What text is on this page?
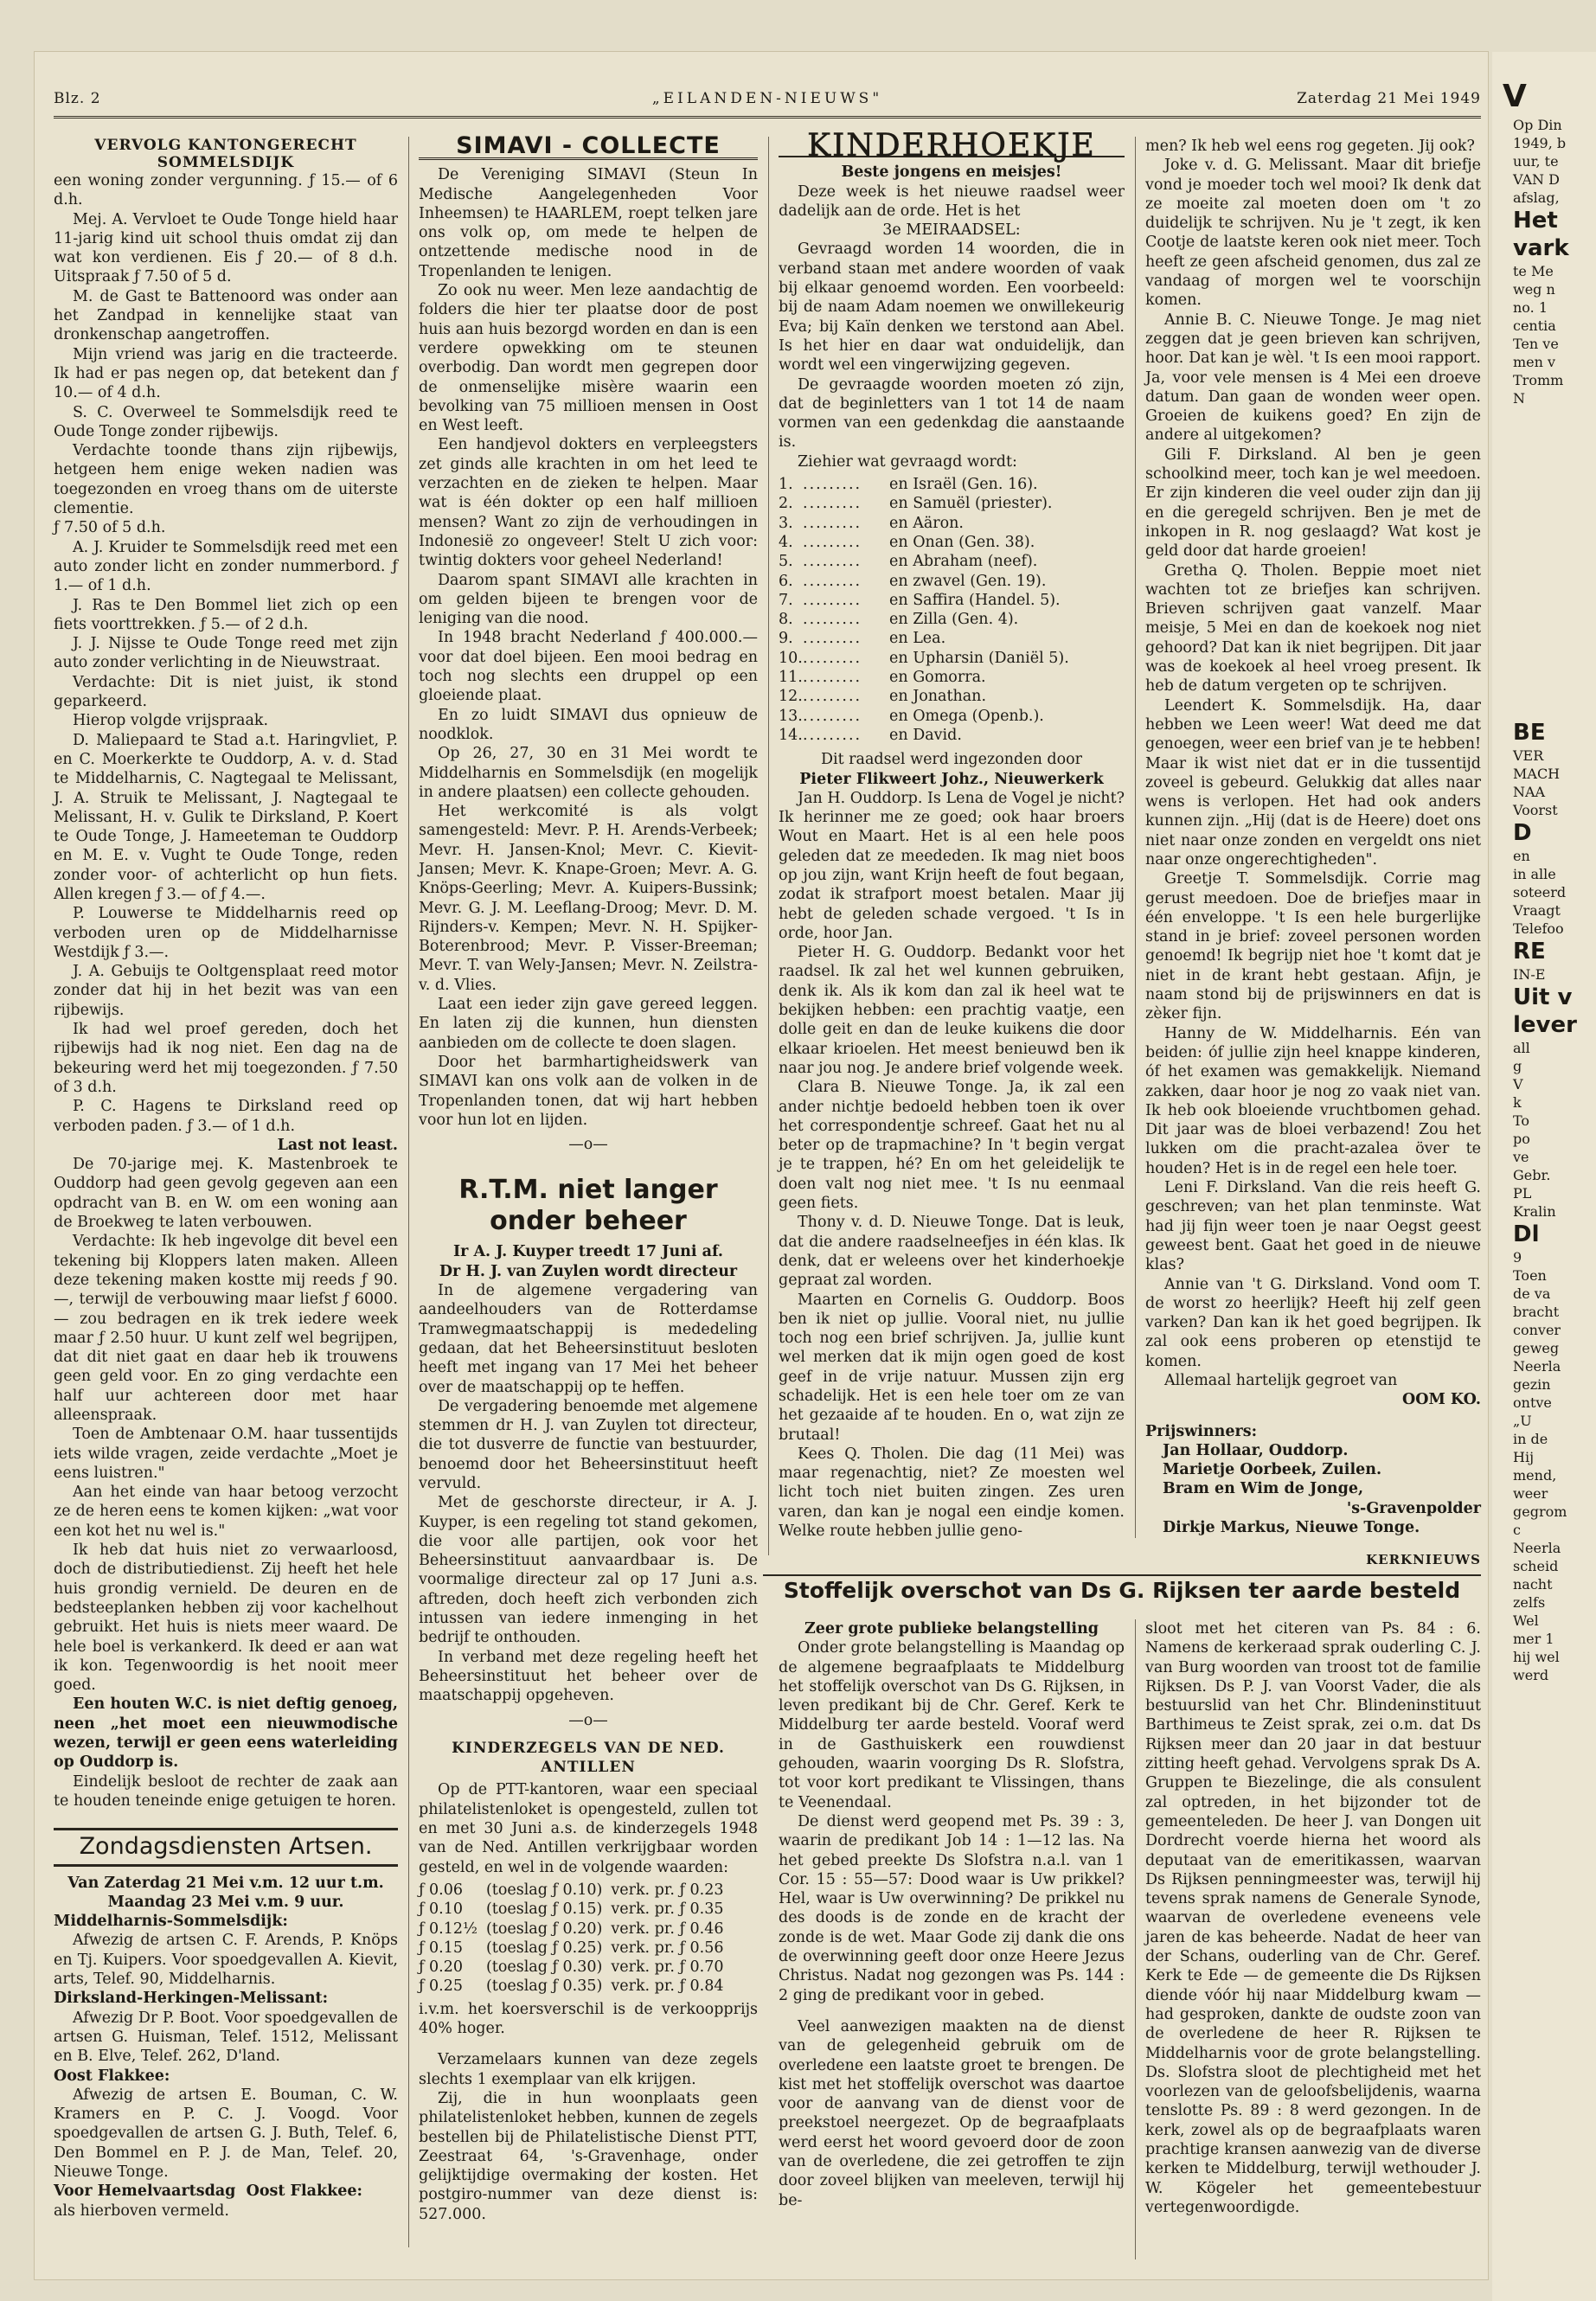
Blz. 2	„EILANDEN-NIEUWS"	Zaterdag 21 Mei 1949
VERVOLG KANTONGERECHT SOMMELSDIJK

een woning zonder vergunning. ƒ 15.— of 6 d.h.

Mej. A. Vervloet te Oude Tonge hield haar 11-jarig kind uit school thuis omdat zij dan wat kon verdienen. Eis ƒ 20.— of 8 d.h. Uitspraak ƒ 7.50 of 5 d.

M. de Gast te Battenoord was onder aan het Zandpad in kennelijke staat van dronkenschap aangetroffen.

Mijn vriend was jarig en die tracteerde. Ik had er pas negen op, dat betekent dan ƒ 10.— of 4 d.h.

S. C. Overweel te Sommelsdijk reed te Oude Tonge zonder rijbewijs.

Verdachte toonde thans zijn rijbewijs, hetgeen hem enige weken nadien was toegezonden en vroeg thans om de uiterste clementie.

ƒ 7.50 of 5 d.h.

A. J. Kruider te Sommelsdijk reed met een auto zonder licht en zonder nummerbord. ƒ 1.— of 1 d.h.

J. Ras te Den Bommel liet zich op een fiets voorttrekken. ƒ 5.— of 2 d.h.

J. J. Nijsse te Oude Tonge reed met zijn auto zonder verlichting in de Nieuwstraat.

Verdachte: Dit is niet juist, ik stond geparkeerd.

Hierop volgde vrijspraak.

D. Maliepaard te Stad a.t. Haringvliet, P. en C. Moerkerkte te Ouddorp, A. v. d. Stad te Middelharnis, C. Nagtegaal te Melissant, J. A. Struik te Melissant, J. Nagtegaal te Melissant, H. v. Gulik te Dirksland, P. Koert te Oude Tonge, J. Hameeteman te Ouddorp en M. E. v. Vught te Oude Tonge, reden zonder voor- of achterlicht op hun fiets. Allen kregen ƒ 3.— of ƒ 4.—.

P. Louwerse te Middelharnis reed op verboden uren op de Middelharnisse Westdijk ƒ 3.—.

J. A. Gebuijs te Ooltgensplaat reed motor zonder dat hij in het bezit was van een rijbewijs.

Ik had wel proef gereden, doch het rijbewijs had ik nog niet. Een dag na de bekeuring werd het mij toegezonden. ƒ 7.50 of 3 d.h.

P. C. Hagens te Dirksland reed op verboden paden. ƒ 3.— of 1 d.h.

Last not least.

De 70-jarige mej. K. Mastenbroek te Ouddorp had geen gevolg gegeven aan een opdracht van B. en W. om een woning aan de Broekweg te laten verbouwen.

Verdachte: Ik heb ingevolge dit bevel een tekening bij Kloppers laten maken. Alleen deze tekening maken kostte mij reeds ƒ 90.—, terwijl de verbouwing maar liefst ƒ 6000.— zou bedragen en ik trek iedere week maar ƒ 2.50 huur. U kunt zelf wel begrijpen, dat dit niet gaat en daar heb ik trouwens geen geld voor. En zo ging verdachte een half uur achtereen door met haar alleenspraak.

Toen de Ambtenaar O.M. haar tussentijds iets wilde vragen, zeide verdachte „Moet je eens luistren."

Aan het einde van haar betoog verzocht ze de heren eens te komen kijken: „wat voor een kot het nu wel is."

Ik heb dat huis niet zo verwaarloosd, doch de distributiedienst. Zij heeft het hele huis grondig vernield. De deuren en de bedsteeplanken hebben zij voor kachelhout gebruikt. Het huis is niets meer waard. De hele boel is verkankerd. Ik deed er aan wat ik kon. Tegenwoordig is het nooit meer goed.

Een houten W.C. is niet deftig genoeg, neen „het moet een nieuwmodische wezen, terwijl er geen eens waterleiding op Ouddorp is.

Eindelijk besloot de rechter de zaak aan te houden teneinde enige getuigen te horen.

Zondagsdiensten Artsen.

Van Zaterdag 21 Mei v.m. 12 uur t.m.

Maandag 23 Mei v.m. 9 uur.

Middelharnis-Sommelsdijk:

Afwezig de artsen C. F. Arends, P. Knöps en Tj. Kuipers. Voor spoedgevallen A. Kievit, arts, Telef. 90, Middelharnis.

Dirksland-Herkingen-Melissant:

Afwezig Dr P. Boot. Voor spoedgevallen de artsen G. Huisman, Telef. 1512, Melissant en B. Elve, Telef. 262, D'land.

Oost Flakkee:

Afwezig de artsen E. Bouman, C. W. Kramers en P. C. J. Voogd. Voor spoedgevallen de artsen G. J. Buth, Telef. 6, Den Bommel en P. J. de Man, Telef. 20, Nieuwe Tonge.

Voor Hemelvaartsdag Oost Flakkee:

als hierboven vermeld.

SIMAVI - COLLECTE

De Vereniging SIMAVI (Steun In Medische Aangelegenheden Voor Inheemsen) te HAARLEM, roept telken jare ons volk op, om mede te helpen de ontzettende medische nood in de Tropenlanden te lenigen.

Zo ook nu weer. Men leze aandachtig de folders die hier ter plaatse door de post huis aan huis bezorgd worden en dan is een verdere opwekking om te steunen overbodig. Dan wordt men gegrepen door de onmenselijke misère waarin een bevolking van 75 millioen mensen in Oost en West leeft.

Een handjevol dokters en verpleegsters zet ginds alle krachten in om het leed te verzachten en de zieken te helpen. Maar wat is één dokter op een half millioen mensen? Want zo zijn de verhoudingen in Indonesië zo ongeveer! Stelt U zich voor: twintig dokters voor geheel Nederland!

Daarom spant SIMAVI alle krachten in om gelden bijeen te brengen voor de leniging van die nood.

In 1948 bracht Nederland ƒ 400.000.— voor dat doel bijeen. Een mooi bedrag en toch nog slechts een druppel op een gloeiende plaat.

En zo luidt SIMAVI dus opnieuw de noodklok.

Op 26, 27, 30 en 31 Mei wordt te Middelharnis en Sommelsdijk (en mogelijk in andere plaatsen) een collecte gehouden.

Het werkcomité is als volgt samengesteld: Mevr. P. H. Arends-Verbeek; Mevr. H. Jansen-Knol; Mevr. C. Kievit-Jansen; Mevr. K. Knape-Groen; Mevr. A. G. Knöps-Geerling; Mevr. A. Kuipers-Bussink; Mevr. G. J. M. Leeflang-Droog; Mevr. D. M. Rijnders-v. Kempen; Mevr. N. H. Spijker-Boterenbrood; Mevr. P. Visser-Breeman; Mevr. T. van Wely-Jansen; Mevr. N. Zeilstra-v. d. Vlies.

Laat een ieder zijn gave gereed leggen. En laten zij die kunnen, hun diensten aanbieden om de collecte te doen slagen.

Door het barmhartigheidswerk van SIMAVI kan ons volk aan de volken in de Tropenlanden tonen, dat wij hart hebben voor hun lot en lijden.

—o—
R.T.M. niet langer onder beheer

Ir A. J. Kuyper treedt 17 Juni af.

Dr H. J. van Zuylen wordt directeur

In de algemene vergadering van aandeelhouders van de Rotterdamse Tramwegmaatschappij is mededeling gedaan, dat het Beheersinstituut besloten heeft met ingang van 17 Mei het beheer over de maatschappij op te heffen.

De vergadering benoemde met algemene stemmen dr H. J. van Zuylen tot directeur, die tot dusverre de functie van bestuurder, benoemd door het Beheersinstituut heeft vervuld.

Met de geschorste directeur, ir A. J. Kuyper, is een regeling tot stand gekomen, die voor alle partijen, ook voor het Beheersinstituut aanvaardbaar is. De voormalige directeur zal op 17 Juni a.s. aftreden, doch heeft zich verbonden zich intussen van iedere inmenging in het bedrijf te onthouden.

In verband met deze regeling heeft het Beheersinstituut het beheer over de maatschappij opgeheven.

—o—
KINDERZEGELS VAN DE NED. ANTILLEN

Op de PTT-kantoren, waar een speciaal philatelistenloket is opengesteld, zullen tot en met 30 Juni a.s. de kinderzegels 1948 van de Ned. Antillen verkrijgbaar worden gesteld, en wel in de volgende waarden:

ƒ 0.06	(toeslag ƒ 0.10)	verk. pr. ƒ 0.23
ƒ 0.10	(toeslag ƒ 0.15)	verk. pr. ƒ 0.35
ƒ 0.12½	(toeslag ƒ 0.20)	verk. pr. ƒ 0.46
ƒ 0.15	(toeslag ƒ 0.25)	verk. pr. ƒ 0.56
ƒ 0.20	(toeslag ƒ 0.30)	verk. pr. ƒ 0.70
ƒ 0.25	(toeslag ƒ 0.35)	verk. pr. ƒ 0.84

i.v.m. het koersverschil is de verkoopprijs 40% hoger.

Verzamelaars kunnen van deze zegels slechts 1 exemplaar van elk krijgen.

Zij, die in hun woonplaats geen philatelistenloket hebben, kunnen de zegels bestellen bij de Philatelistische Dienst PTT, Zeestraat 64, 's-Gravenhage, onder gelijktijdige overmaking der kosten. Het postgiro-nummer van deze dienst is: 527.000.

KINDERHOEKJE

Beste jongens en meisjes!

Deze week is het nieuwe raadsel weer dadelijk aan de orde. Het is het

3e MEIRAADSEL:

Gevraagd worden 14 woorden, die in verband staan met andere woorden of vaak bij elkaar genoemd worden. Een voorbeeld: bij de naam Adam noemen we onwillekeurig Eva; bij Kaïn denken we terstond aan Abel. Is het hier en daar wat onduidelijk, dan wordt wel een vingerwijzing gegeven.

De gevraagde woorden moeten zó zijn, dat de beginletters van 1 tot 14 de naam vormen van een gedenkdag die aanstaande is.

Ziehier wat gevraagd wordt:

1. .........	en Israël (Gen. 16).
2. .........	en Samuël (priester).
3. .........	en Aäron.
4. .........	en Onan (Gen. 38).
5. .........	en Abraham (neef).
6. .........	en zwavel (Gen. 19).
7. .........	en Saffira (Handel. 5).
8. .........	en Zilla (Gen. 4).
9. .........	en Lea.
10. .........	en Upharsin (Daniël 5).
11. .........	en Gomorra.
12. .........	en Jonathan.
13. .........	en Omega (Openb.).
14. .........	en David.

Dit raadsel werd ingezonden door

Pieter Flikweert Johz., Nieuwerkerk

Jan H. Ouddorp. Is Lena de Vogel je nicht? Ik herinner me ze goed; ook haar broers Wout en Maart. Het is al een hele poos geleden dat ze meededen. Ik mag niet boos op jou zijn, want Krijn heeft de fout begaan, zodat ik strafport moest betalen. Maar jij hebt de geleden schade vergoed. 't Is in orde, hoor Jan.

Pieter H. G. Ouddorp. Bedankt voor het raadsel. Ik zal het wel kunnen gebruiken, denk ik. Als ik kom dan zal ik heel wat te bekijken hebben: een prachtig vaatje, een dolle geit en dan de leuke kuikens die door elkaar krioelen. Het meest benieuwd ben ik naar jou nog. Je andere brief volgende week.

Clara B. Nieuwe Tonge. Ja, ik zal een ander nichtje bedoeld hebben toen ik over het correspondentje schreef. Gaat het nu al beter op de trapmachine? In 't begin vergat je te trappen, hé? En om het geleidelijk te doen valt nog niet mee. 't Is nu eenmaal geen fiets.

Thony v. d. D. Nieuwe Tonge. Dat is leuk, dat die andere raadselneefjes in één klas. Ik denk, dat er weleens over het kinderhoekje gepraat zal worden.

Maarten en Cornelis G. Ouddorp. Boos ben ik niet op jullie. Vooral niet, nu jullie toch nog een brief schrijven. Ja, jullie kunt wel merken dat ik mijn ogen goed de kost geef in de vrije natuur. Mussen zijn erg schadelijk. Het is een hele toer om ze van het gezaaide af te houden. En o, wat zijn ze brutaal!

Kees Q. Tholen. Die dag (11 Mei) was maar regenachtig, niet? Ze moesten wel licht toch niet buiten zingen. Zes uren varen, dan kan je nogal een eindje komen. Welke route hebben jullie geno-

men? Ik heb wel eens rog gegeten. Jij ook?

Joke v. d. G. Melissant. Maar dit briefje vond je moeder toch wel mooi? Ik denk dat ze moeite zal moeten doen om 't zo duidelijk te schrijven. Nu je 't zegt, ik ken Cootje de laatste keren ook niet meer. Toch heeft ze geen afscheid genomen, dus zal ze vandaag of morgen wel te voorschijn komen.

Annie B. C. Nieuwe Tonge. Je mag niet zeggen dat je geen brieven kan schrijven, hoor. Dat kan je wèl. 't Is een mooi rapport. Ja, voor vele mensen is 4 Mei een droeve datum. Dan gaan de wonden weer open. Groeien de kuikens goed? En zijn de andere al uitgekomen?

Gili F. Dirksland. Al ben je geen schoolkind meer, toch kan je wel meedoen. Er zijn kinderen die veel ouder zijn dan jij en die geregeld schrijven. Ben je met de inkopen in R. nog geslaagd? Wat kost je geld door dat harde groeien!

Gretha Q. Tholen. Beppie moet niet wachten tot ze briefjes kan schrijven. Brieven schrijven gaat vanzelf. Maar meisje, 5 Mei en dan de koekoek nog niet gehoord? Dat kan ik niet begrijpen. Dit jaar was de koekoek al heel vroeg present. Ik heb de datum vergeten op te schrijven.

Leendert K. Sommelsdijk. Ha, daar hebben we Leen weer! Wat deed me dat genoegen, weer een brief van je te hebben! Maar ik wist niet dat er in die tussentijd zoveel is gebeurd. Gelukkig dat alles naar wens is verlopen. Het had ook anders kunnen zijn. „Hij (dat is de Heere) doet ons niet naar onze zonden en vergeldt ons niet naar onze ongerechtigheden".

Greetje T. Sommelsdijk. Corrie mag gerust meedoen. Doe de briefjes maar in één enveloppe. 't Is een hele burgerlijke stand in je brief: zoveel personen worden genoemd! Ik begrijp niet hoe 't komt dat je niet in de krant hebt gestaan. Afijn, je naam stond bij de prijswinners en dat is zèker fijn.

Hanny de W. Middelharnis. Eén van beiden: óf jullie zijn heel knappe kinderen, óf het examen was gemakkelijk. Niemand zakken, daar hoor je nog zo vaak niet van. Ik heb ook bloeiende vruchtbomen gehad. Dit jaar was de bloei verbazend! Zou het lukken om die pracht-azalea över te houden? Het is in de regel een hele toer.

Leni F. Dirksland. Van die reis heeft G. geschreven; van het plan tenminste. Wat had jij fijn weer toen je naar Oegst geest geweest bent. Gaat het goed in de nieuwe klas?

Annie van 't G. Dirksland. Vond oom T. de worst zo heerlijk? Heeft hij zelf geen varken? Dan kan ik het goed begrijpen. Ik zal ook eens proberen op etenstijd te komen.

Allemaal hartelijk gegroet van

OOM KO.

Prijswinners:

Jan Hollaar, Ouddorp.

Marietje Oorbeek, Zuilen.

Bram en Wim de Jonge,

's-Gravenpolder

Dirkje Markus, Nieuwe Tonge.

KERKNIEUWS
Stoffelijk overschot van Ds G. Rijksen ter aarde besteld

Zeer grote publieke belangstelling

Onder grote belangstelling is Maandag op de algemene begraafplaats te Middelburg het stoffelijk overschot van Ds G. Rijksen, in leven predikant bij de Chr. Geref. Kerk te Middelburg ter aarde besteld. Vooraf werd in de Gasthuiskerk een rouwdienst gehouden, waarin voorging Ds R. Slofstra, tot voor kort predikant te Vlissingen, thans te Veenendaal.

De dienst werd geopend met Ps. 39 : 3, waarin de predikant Job 14 : 1—12 las. Na het gebed preekte Ds Slofstra n.a.l. van 1 Cor. 15 : 55—57: Dood waar is Uw prikkel? Hel, waar is Uw overwinning? De prikkel nu des doods is de zonde en de kracht der zonde is de wet. Maar Gode zij dank die ons de overwinning geeft door onze Heere Jezus Christus. Nadat nog gezongen was Ps. 144 : 2 ging de predikant voor in gebed.

Veel aanwezigen maakten na de dienst van de gelegenheid gebruik om de overledene een laatste groet te brengen. De kist met het stoffelijk overschot was daartoe voor de aanvang van de dienst voor de preekstoel neergezet. Op de begraafplaats werd eerst het woord gevoerd door de zoon van de overledene, die zei getroffen te zijn door zoveel blijken van meeleven, terwijl hij be-

sloot met het citeren van Ps. 84 : 6. Namens de kerkeraad sprak ouderling C. J. van Burg woorden van troost tot de familie Rijksen. Ds P. J. van Voorst Vader, die als bestuurslid van het Chr. Blindeninstituut Barthimeus te Zeist sprak, zei o.m. dat Ds Rijksen meer dan 20 jaar in dat bestuur zitting heeft gehad. Vervolgens sprak Ds A. Gruppen te Biezelinge, die als consulent zal optreden, in het bijzonder tot de gemeenteleden. De heer J. van Dongen uit Dordrecht voerde hierna het woord als deputaat van de emeritikassen, waarvan Ds Rijksen penningmeester was, terwijl hij tevens sprak namens de Generale Synode, waarvan de overledene eveneens vele jaren de kas beheerde. Nadat de heer van der Schans, ouderling van de Chr. Geref. Kerk te Ede — de gemeente die Ds Rijksen diende vóór hij naar Middelburg kwam — had gesproken, dankte de oudste zoon van de overledene de heer R. Rijksen te Middelharnis voor de grote belangstelling. Ds. Slofstra sloot de plechtigheid met het voorlezen van de geloofsbelijdenis, waarna tenslotte Ps. 89 : 8 werd gezongen. In de kerk, zowel als op de begraafplaats waren prachtige kransen aanwezig van de diverse kerken te Middelburg, terwijl wethouder J. W. Kögeler het gemeentebestuur vertegenwoordigde.

V
Op Din
1949, b
uur, te
VAN D
afslag,
Het
vark
te Me
weg n
no. 1
centia
Ten ve
men v
Tromm
N
BE
VER
MACH
NAA
Voorst
D
en
in alle
soteerd
Vraagt
Telefoo
RE
IN-E
Uit v
lever
all
g
V
k
To
po
ve
Gebr.
PL
Kralin
Dl
9
Toen
de va
bracht
conver
geweg
Neerla
gezin
ontve
„U
in de
Hij
mend,
weer
gegrom
c
Neerla
scheid
nacht
zelfs
Wel
mer 1
hij wel
werd
